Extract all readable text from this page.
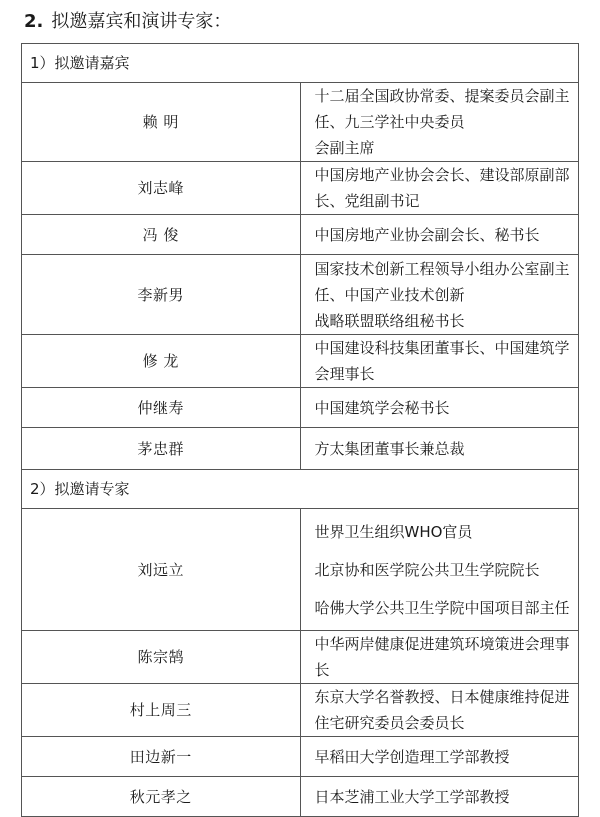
2. 拟邀嘉宾和演讲专家：
1）拟邀请嘉宾	
赖 明	十二届全国政协常委、提案委员会副主任、九三学社中央委员
会副主席

刘志峰	中国房地产业协会会长、建设部原副部长、党组副书记

冯 俊	中国房地产业协会副会长、秘书长

李新男	国家技术创新工程领导小组办公室副主任、中国产业技术创新
战略联盟联络组秘书长

修 龙	中国建设科技集团董事长、中国建筑学会理事长

仲继寿	中国建筑学会秘书长

茅忠群	方太集团董事长兼总裁

2）拟邀请专家	
刘远立	世界卫生组织WHO官员
北京协和医学院公共卫生学院院长
哈佛大学公共卫生学院中国项目部主任

陈宗鹄	中华两岸健康促进建筑环境策进会理事长

村上周三	东京大学名誉教授、日本健康维持促进住宅研究委员会委员长

田边新一	早稻田大学创造理工学部教授

秋元孝之	日本芝浦工业大学工学部教授
